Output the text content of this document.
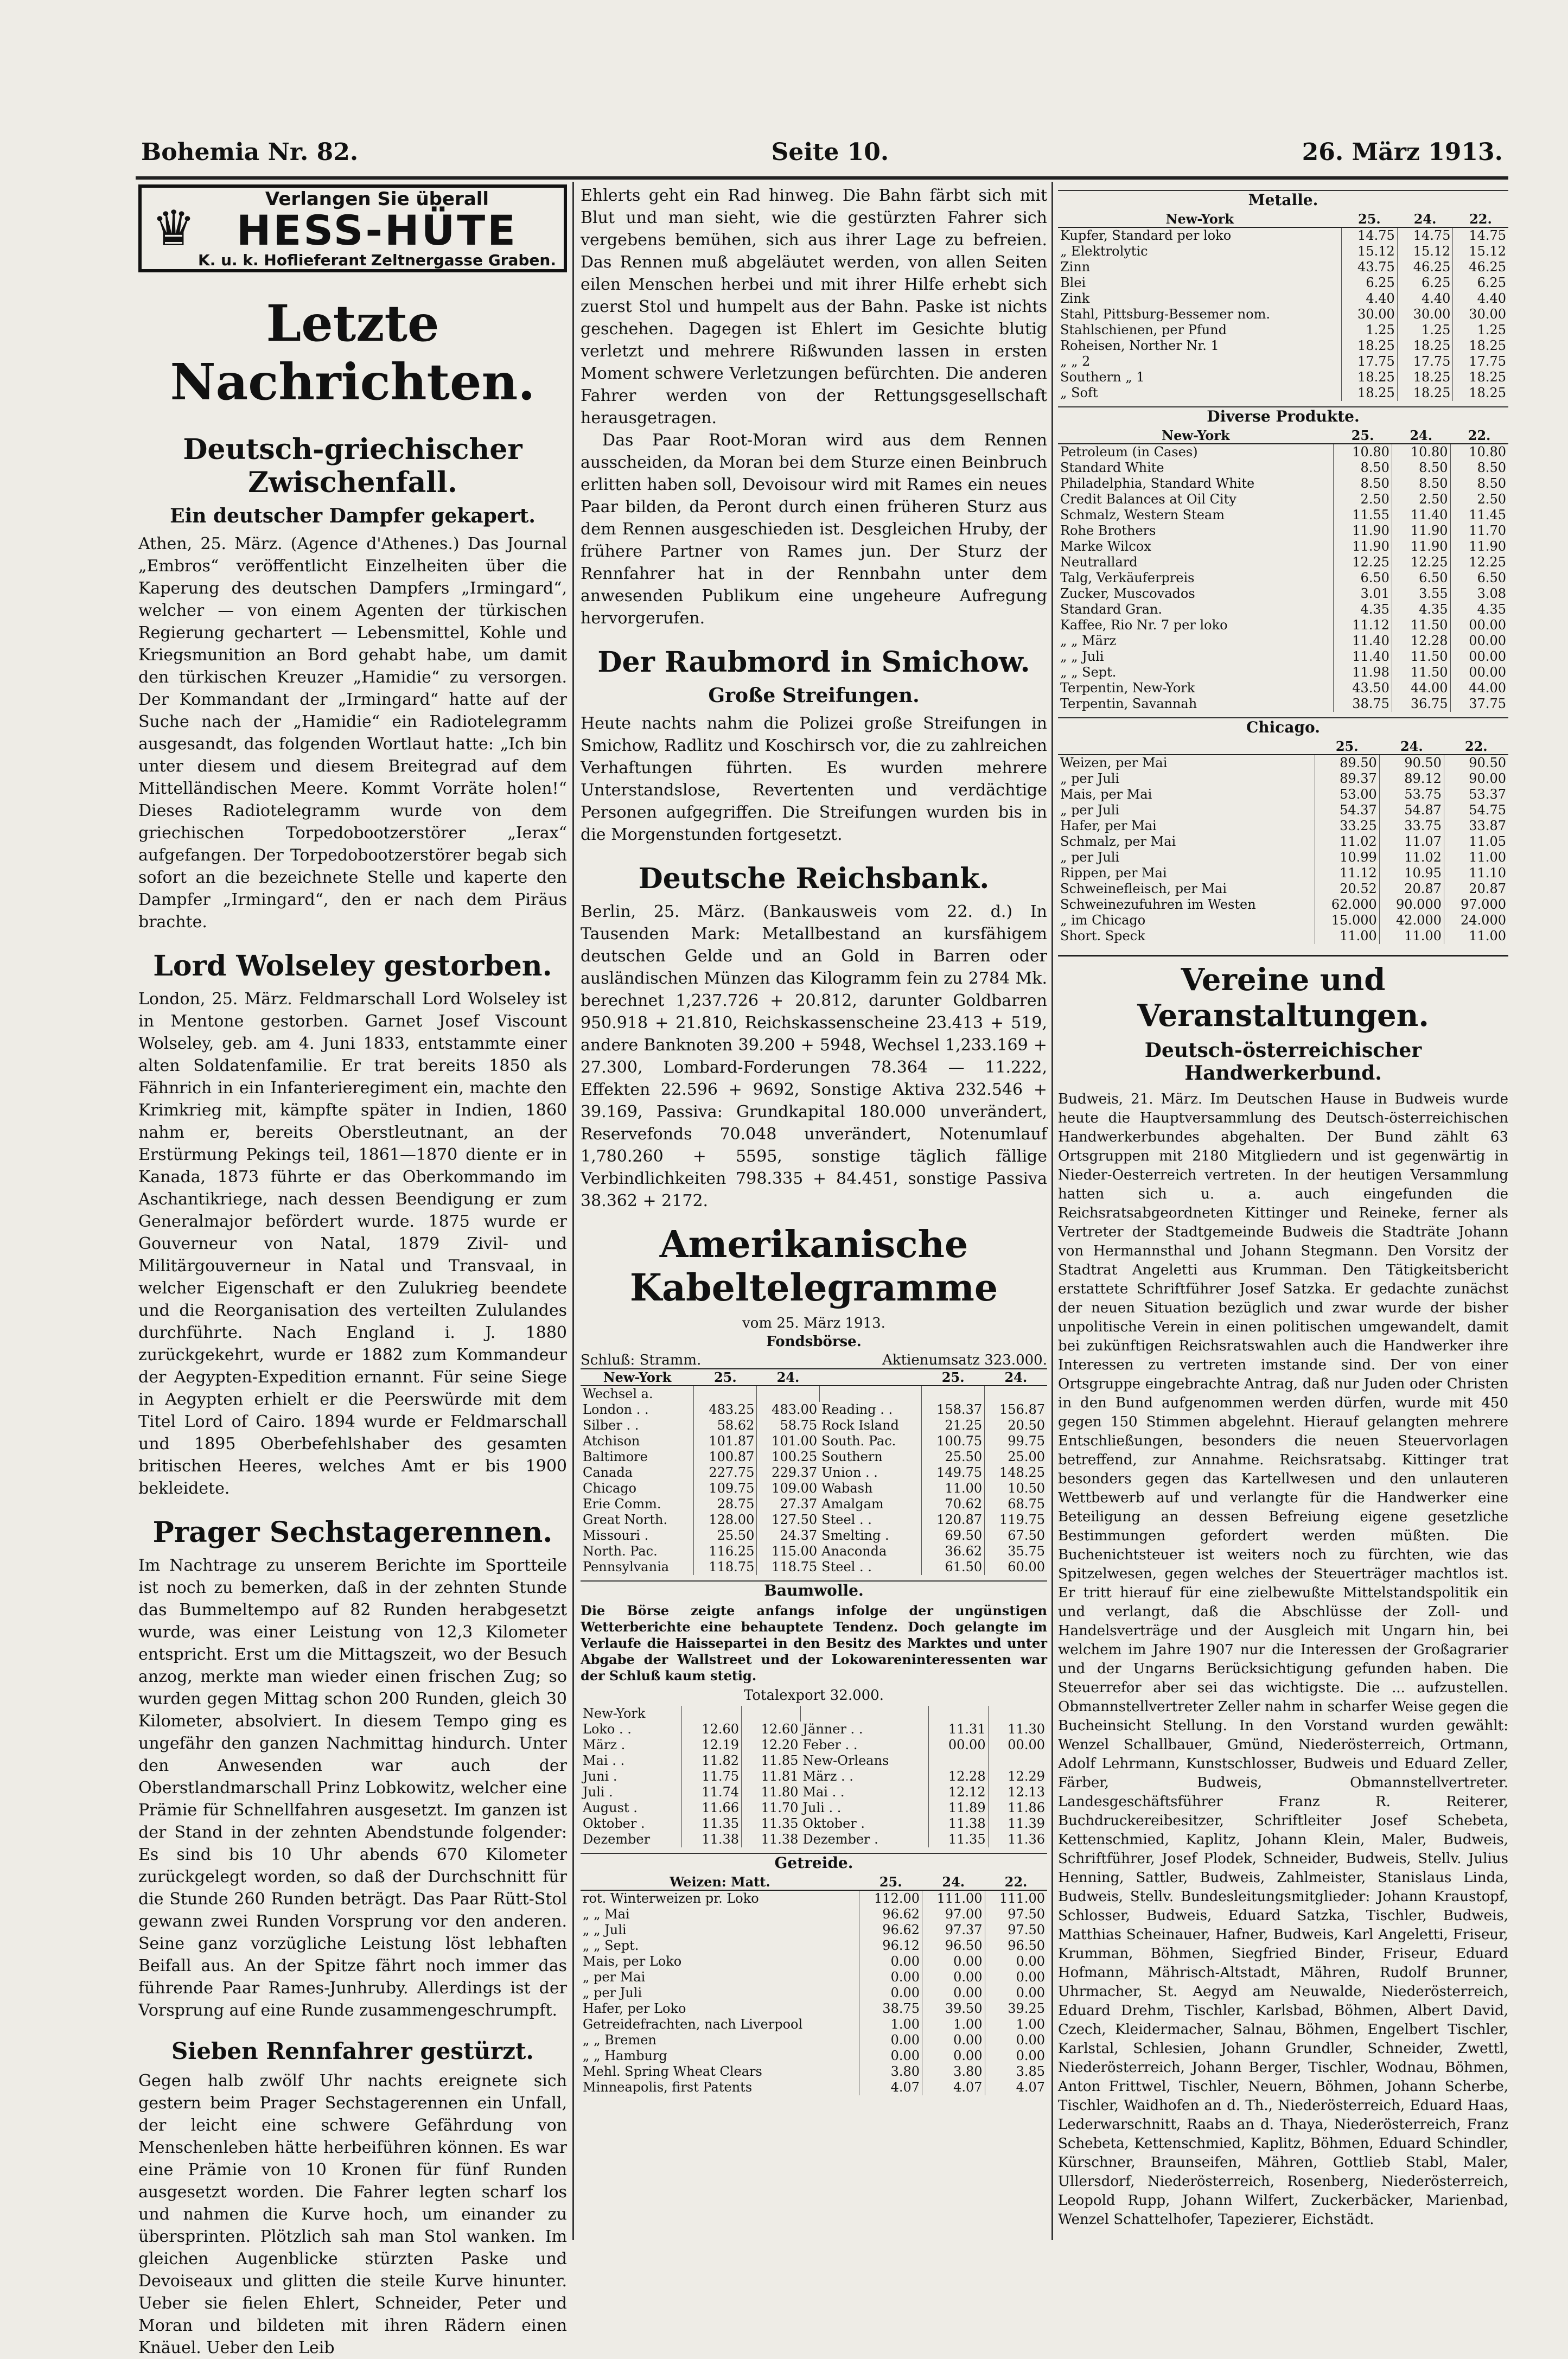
Bohemia Nr. 82.	Seite 10.	26. März 1913.
♛
Verlangen Sie überall
HESS-HÜTE
K. u. k. Hoflieferant Zeltnergasse Graben.
Letzte Nachrichten.
Deutsch-griechischer Zwischenfall.
Ein deutscher Dampfer gekapert.

Athen, 25. März. (Agence d'Athenes.) Das Journal „Embros“ veröffentlicht Einzelheiten über die Kaperung des deutschen Dampfers „Irmingard“, welcher — von einem Agenten der türkischen Regierung gechartert — Lebensmittel, Kohle und Kriegsmunition an Bord gehabt habe, um damit den türkischen Kreuzer „Hamidie“ zu versorgen. Der Kommandant der „Irmingard“ hatte auf der Suche nach der „Hamidie“ ein Radiotelegramm ausgesandt, das folgenden Wortlaut hatte: „Ich bin unter diesem und diesem Breitegrad auf dem Mittelländischen Meere. Kommt Vorräte holen!“ Dieses Radiotelegramm wurde von dem griechischen Torpedobootzerstörer „Ierax“ aufgefangen. Der Torpedobootzerstörer begab sich sofort an die bezeichnete Stelle und kaperte den Dampfer „Irmingard“, den er nach dem Piräus brachte.

Lord Wolseley gestorben.

London, 25. März. Feldmarschall Lord Wolseley ist in Mentone gestorben. Garnet Josef Viscount Wolseley, geb. am 4. Juni 1833, entstammte einer alten Soldatenfamilie. Er trat bereits 1850 als Fähnrich in ein Infanterieregiment ein, machte den Krimkrieg mit, kämpfte später in Indien, 1860 nahm er, bereits Oberstleutnant, an der Erstürmung Pekings teil, 1861—1870 diente er in Kanada, 1873 führte er das Oberkommando im Aschantikriege, nach dessen Beendigung er zum Generalmajor befördert wurde. 1875 wurde er Gouverneur von Natal, 1879 Zivil- und Militärgouverneur in Natal und Transvaal, in welcher Eigenschaft er den Zulukrieg beendete und die Reorganisation des verteilten Zululandes durchführte. Nach England i. J. 1880 zurückgekehrt, wurde er 1882 zum Kommandeur der Aegypten-Expedition ernannt. Für seine Siege in Aegypten erhielt er die Peerswürde mit dem Titel Lord of Cairo. 1894 wurde er Feldmarschall und 1895 Oberbefehlshaber des gesamten britischen Heeres, welches Amt er bis 1900 bekleidete.

Prager Sechstagerennen.

Im Nachtrage zu unserem Berichte im Sportteile ist noch zu bemerken, daß in der zehnten Stunde das Bummeltempo auf 82 Runden herabgesetzt wurde, was einer Leistung von 12,3 Kilometer entspricht. Erst um die Mittagszeit, wo der Besuch anzog, merkte man wieder einen frischen Zug; so wurden gegen Mittag schon 200 Runden, gleich 30 Kilometer, absolviert. In diesem Tempo ging es ungefähr den ganzen Nachmittag hindurch. Unter den Anwesenden war auch der Oberstlandmarschall Prinz Lobkowitz, welcher eine Prämie für Schnellfahren ausgesetzt. Im ganzen ist der Stand in der zehnten Abendstunde folgender: Es sind bis 10 Uhr abends 670 Kilometer zurückgelegt worden, so daß der Durchschnitt für die Stunde 260 Runden beträgt. Das Paar Rütt-Stol gewann zwei Runden Vorsprung vor den anderen. Seine ganz vorzügliche Leistung löst lebhaften Beifall aus. An der Spitze fährt noch immer das führende Paar Rames-Junhruby. Allerdings ist der Vorsprung auf eine Runde zusammengeschrumpft.

Sieben Rennfahrer gestürzt.

Gegen halb zwölf Uhr nachts ereignete sich gestern beim Prager Sechstagerennen ein Unfall, der leicht eine schwere Gefährdung von Menschenleben hätte herbeiführen können. Es war eine Prämie von 10 Kronen für fünf Runden ausgesetzt worden. Die Fahrer legten scharf los und nahmen die Kurve hoch, um einander zu übersprinten. Plötzlich sah man Stol wanken. Im gleichen Augenblicke stürzten Paske und Devoiseaux und glitten die steile Kurve hinunter. Ueber sie fielen Ehlert, Schneider, Peter und Moran und bildeten mit ihren Rädern einen Knäuel. Ueber den Leib

Ehlerts geht ein Rad hinweg. Die Bahn färbt sich mit Blut und man sieht, wie die gestürzten Fahrer sich vergebens bemühen, sich aus ihrer Lage zu befreien. Das Rennen muß abgeläutet werden, von allen Seiten eilen Menschen herbei und mit ihrer Hilfe erhebt sich zuerst Stol und humpelt aus der Bahn. Paske ist nichts geschehen. Dagegen ist Ehlert im Gesichte blutig verletzt und mehrere Rißwunden lassen in ersten Moment schwere Verletzungen befürchten. Die anderen Fahrer werden von der Rettungsgesellschaft herausgetragen.

Das Paar Root-Moran wird aus dem Rennen ausscheiden, da Moran bei dem Sturze einen Beinbruch erlitten haben soll, Devoisour wird mit Rames ein neues Paar bilden, da Peront durch einen früheren Sturz aus dem Rennen ausgeschieden ist. Desgleichen Hruby, der frühere Partner von Rames jun. Der Sturz der Rennfahrer hat in der Rennbahn unter dem anwesenden Publikum eine ungeheure Aufregung hervorgerufen.

Der Raubmord in Smichow.
Große Streifungen.

Heute nachts nahm die Polizei große Streifungen in Smichow, Radlitz und Koschirsch vor, die zu zahlreichen Verhaftungen führten. Es wurden mehrere Unterstandslose, Revertenten und verdächtige Personen aufgegriffen. Die Streifungen wurden bis in die Morgenstunden fortgesetzt.

Deutsche Reichsbank.

Berlin, 25. März. (Bankausweis vom 22. d.) In Tausenden Mark: Metallbestand an kursfähigem deutschen Gelde und an Gold in Barren oder ausländischen Münzen das Kilogramm fein zu 2784 Mk. berechnet 1,237.726 + 20.812, darunter Goldbarren 950.918 + 21.810, Reichskassenscheine 23.413 + 519, andere Banknoten 39.200 + 5948, Wechsel 1,233.169 + 27.300, Lombard-Forderungen 78.364 — 11.222, Effekten 22.596 + 9692, Sonstige Aktiva 232.546 + 39.169, Passiva: Grundkapital 180.000 unverändert, Reservefonds 70.048 unverändert, Notenumlauf 1,780.260 + 5595, sonstige täglich fällige Verbindlichkeiten 798.335 + 84.451, sonstige Passiva 38.362 + 2172.

Amerikanische Kabeltelegramme
vom 25. März 1913.
Fondsbörse.
Schluß: Stramm.	Aktienumsatz 323.000.
New-York	25.	24.		25.	24.
Wechsel a.					
London . .	483.25	483.00	Reading . .	158.37	156.87
Silber . .	58.62	58.75	Rock Island	21.25	20.50
Atchison	101.87	101.00	South. Pac.	100.75	99.75
Baltimore	100.87	100.25	Southern	25.50	25.00
Canada	227.75	229.37	Union . .	149.75	148.25
Chicago	109.75	109.00	Wabash	11.00	10.50
Erie Comm.	28.75	27.37	Amalgam	70.62	68.75
Great North.	128.00	127.50	Steel . .	120.87	119.75
Missouri .	25.50	24.37	Smelting .	69.50	67.50
North. Pac.	116.25	115.00	Anaconda	36.62	35.75
Pennsylvania	118.75	118.75	Steel . .	61.50	60.00
Baumwolle.
Die Börse zeigte anfangs infolge der ungünstigen Wetterberichte eine behauptete Tendenz. Doch gelangte im Verlaufe die Haissepartei in den Besitz des Marktes und unter Abgabe der Wallstreet und der Lokowareninteressenten war der Schluß kaum stetig.
Totalexport 32.000.
New-York					
Loko . .	12.60	12.60	Jänner . .	11.31	11.30
März .	12.19	12.20	Feber . .	00.00	00.00
Mai . .	11.82	11.85	New-Orleans		
Juni .	11.75	11.81	März . .	12.28	12.29
Juli .	11.74	11.80	Mai . .	12.12	12.13
August .	11.66	11.70	Juli . .	11.89	11.86
Oktober .	11.35	11.35	Oktober .	11.38	11.39
Dezember	11.38	11.38	Dezember .	11.35	11.36
Getreide.
Weizen: Matt.	25.	24.	22.
rot. Winterweizen pr. Loko	112.00	111.00	111.00
„ „ Mai	96.62	97.00	97.50
„ „ Juli	96.62	97.37	97.50
„ „ Sept.	96.12	96.50	96.50
Mais, per Loko	0.00	0.00	0.00
„ per Mai	0.00	0.00	0.00
„ per Juli	0.00	0.00	0.00
Hafer, per Loko	38.75	39.50	39.25
Getreidefrachten, nach Liverpool	1.00	1.00	1.00
„ „ Bremen	0.00	0.00	0.00
„ „ Hamburg	0.00	0.00	0.00
Mehl. Spring Wheat Clears	3.80	3.80	3.85
Minneapolis, first Patents	4.07	4.07	4.07
Metalle.
New-York	25.	24.	22.
Kupfer, Standard per loko	14.75	14.75	14.75
„ Elektrolytic	15.12	15.12	15.12
Zinn	43.75	46.25	46.25
Blei	6.25	6.25	6.25
Zink	4.40	4.40	4.40
Stahl, Pittsburg-Bessemer nom.	30.00	30.00	30.00
Stahlschienen, per Pfund	1.25	1.25	1.25
Roheisen, Norther Nr. 1	18.25	18.25	18.25
„ „ 2	17.75	17.75	17.75
Southern „ 1	18.25	18.25	18.25
„ Soft	18.25	18.25	18.25
Diverse Produkte.
New-York	25.	24.	22.
Petroleum (in Cases)	10.80	10.80	10.80
Standard White	8.50	8.50	8.50
Philadelphia, Standard White	8.50	8.50	8.50
Credit Balances at Oil City	2.50	2.50	2.50
Schmalz, Western Steam	11.55	11.40	11.45
Rohe Brothers	11.90	11.90	11.70
Marke Wilcox	11.90	11.90	11.90
Neutrallard	12.25	12.25	12.25
Talg, Verkäuferpreis	6.50	6.50	6.50
Zucker, Muscovados	3.01	3.55	3.08
Standard Gran.	4.35	4.35	4.35
Kaffee, Rio Nr. 7 per loko	11.12	11.50	00.00
„ „ März	11.40	12.28	00.00
„ „ Juli	11.40	11.50	00.00
„ „ Sept.	11.98	11.50	00.00
Terpentin, New-York	43.50	44.00	44.00
Terpentin, Savannah	38.75	36.75	37.75
Chicago.
	25.	24.	22.
Weizen, per Mai	89.50	90.50	90.50
„ per Juli	89.37	89.12	90.00
Mais, per Mai	53.00	53.75	53.37
„ per Juli	54.37	54.87	54.75
Hafer, per Mai	33.25	33.75	33.87
Schmalz, per Mai	11.02	11.07	11.05
„ per Juli	10.99	11.02	11.00
Rippen, per Mai	11.12	10.95	11.10
Schweinefleisch, per Mai	20.52	20.87	20.87
Schweinezufuhren im Westen	62.000	90.000	97.000
„ im Chicago	15.000	42.000	24.000
Short. Speck	11.00	11.00	11.00
Vereine und Veranstaltungen.
Deutsch-österreichischer Handwerkerbund.

Budweis, 21. März. Im Deutschen Hause in Budweis wurde heute die Hauptversammlung des Deutsch-österreichischen Handwerkerbundes abgehalten. Der Bund zählt 63 Ortsgruppen mit 2180 Mitgliedern und ist gegenwärtig in Nieder-Oesterreich vertreten. In der heutigen Versammlung hatten sich u. a. auch eingefunden die Reichsratsabgeordneten Kittinger und Reineke, ferner als Vertreter der Stadtgemeinde Budweis die Stadträte Johann von Hermannsthal und Johann Stegmann. Den Vorsitz der Stadtrat Angeletti aus Krumman. Den Tätigkeitsbericht erstattete Schriftführer Josef Satzka. Er gedachte zunächst der neuen Situation bezüglich und zwar wurde der bisher unpolitische Verein in einen politischen umgewandelt, damit bei zukünftigen Reichsratswahlen auch die Handwerker ihre Interessen zu vertreten imstande sind. Der von einer Ortsgruppe eingebrachte Antrag, daß nur Juden oder Christen in den Bund aufgenommen werden dürfen, wurde mit 450 gegen 150 Stimmen abgelehnt. Hierauf gelangten mehrere Entschließungen, besonders die neuen Steuervorlagen betreffend, zur Annahme. Reichsratsabg. Kittinger trat besonders gegen das Kartellwesen und den unlauteren Wettbewerb auf und verlangte für die Handwerker eine Beteiligung an dessen Befreiung eigene gesetzliche Bestimmungen gefordert werden müßten. Die Buchenichtsteuer ist weiters noch zu fürchten, wie das Spitzelwesen, gegen welches der Steuerträger machtlos ist. Er tritt hierauf für eine zielbewußte Mittelstandspolitik ein und verlangt, daß die Abschlüsse der Zoll- und Handelsverträge und der Ausgleich mit Ungarn hin, bei welchem im Jahre 1907 nur die Interessen der Großagrarier und der Ungarns Berücksichtigung gefunden haben. Die Steuerrefor aber sei das wichtigste. Die ... aufzustellen. Obmannstellvertreter Zeller nahm in scharfer Weise gegen die Bucheinsicht Stellung. In den Vorstand wurden gewählt: Wenzel Schallbauer, Gmünd, Niederösterreich, Ortmann, Adolf Lehrmann, Kunstschlosser, Budweis und Eduard Zeller, Färber, Budweis, Obmannstellvertreter. Landesgeschäftsführer Franz R. Reiterer, Buchdruckereibesitzer, Schriftleiter Josef Schebeta, Kettenschmied, Kaplitz, Johann Klein, Maler, Budweis, Schriftführer, Josef Plodek, Schneider, Budweis, Stellv. Julius Henning, Sattler, Budweis, Zahlmeister, Stanislaus Linda, Budweis, Stellv. Bundesleitungsmitglieder: Johann Kraustopf, Schlosser, Budweis, Eduard Satzka, Tischler, Budweis, Matthias Scheinauer, Hafner, Budweis, Karl Angeletti, Friseur, Krumman, Böhmen, Siegfried Binder, Friseur, Eduard Hofmann, Mährisch-Altstadt, Mähren, Rudolf Brunner, Uhrmacher, St. Aegyd am Neuwalde, Niederösterreich, Eduard Drehm, Tischler, Karlsbad, Böhmen, Albert David, Czech, Kleidermacher, Salnau, Böhmen, Engelbert Tischler, Karlstal, Schlesien, Johann Grundler, Schneider, Zwettl, Niederösterreich, Johann Berger, Tischler, Wodnau, Böhmen, Anton Frittwel, Tischler, Neuern, Böhmen, Johann Scherbe, Tischler, Waidhofen an d. Th., Niederösterreich, Eduard Haas, Lederwarschnitt, Raabs an d. Thaya, Niederösterreich, Franz Schebeta, Kettenschmied, Kaplitz, Böhmen, Eduard Schindler, Kürschner, Braunseifen, Mähren, Gottlieb Stabl, Maler, Ullersdorf, Niederösterreich, Rosenberg, Niederösterreich, Leopold Rupp, Johann Wilfert, Zuckerbäcker, Marienbad, Wenzel Schattelhofer, Tapezierer, Eichstädt.
